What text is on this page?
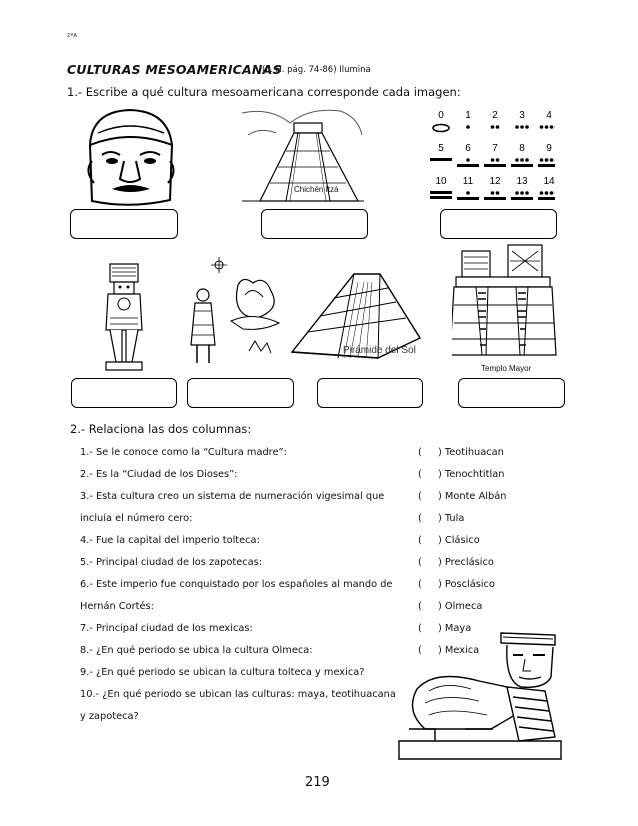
2ºA
CULTURAS MESOAMERICANAS
(L. H. pág. 74-86) Ilumina
1.- Escribe a qué cultura mesoamericana corresponde cada imagen:
Chichén Itzá
0 1 2 3 4
5 6 7 8 9
10 11 12 13 14
Pirámide del Sol
Templo Mayor
2.- Relaciona las dos columnas:
1.- Se le conoce como la “Cultura madre”:
2.- Es la “Ciudad de los Dioses”:
3.- Esta cultura creo un sistema de numeración vigesimal que
incluía el número cero:
4.- Fue la capital del imperio tolteca:
5.- Principal ciudad de los zapotecas:
6.- Este imperio fue conquistado por los españoles al mando de
Hernán Cortés:
7.- Principal ciudad de los mexicas:
8.- ¿En qué periodo se ubica la cultura Olmeca:
9.- ¿En qué periodo se ubican la cultura tolteca y mexica?
10.- ¿En qué periodo se ubican las culturas: maya, teotihuacana
y zapoteca?
(
(
(
(
(
(
(
(
(
(
) Teotihuacan
) Tenochtitlan
) Monte Albán
) Tula
) Clásico
) Preclásico
) Posclásico
) Olmeca
) Maya
) Mexica
219
